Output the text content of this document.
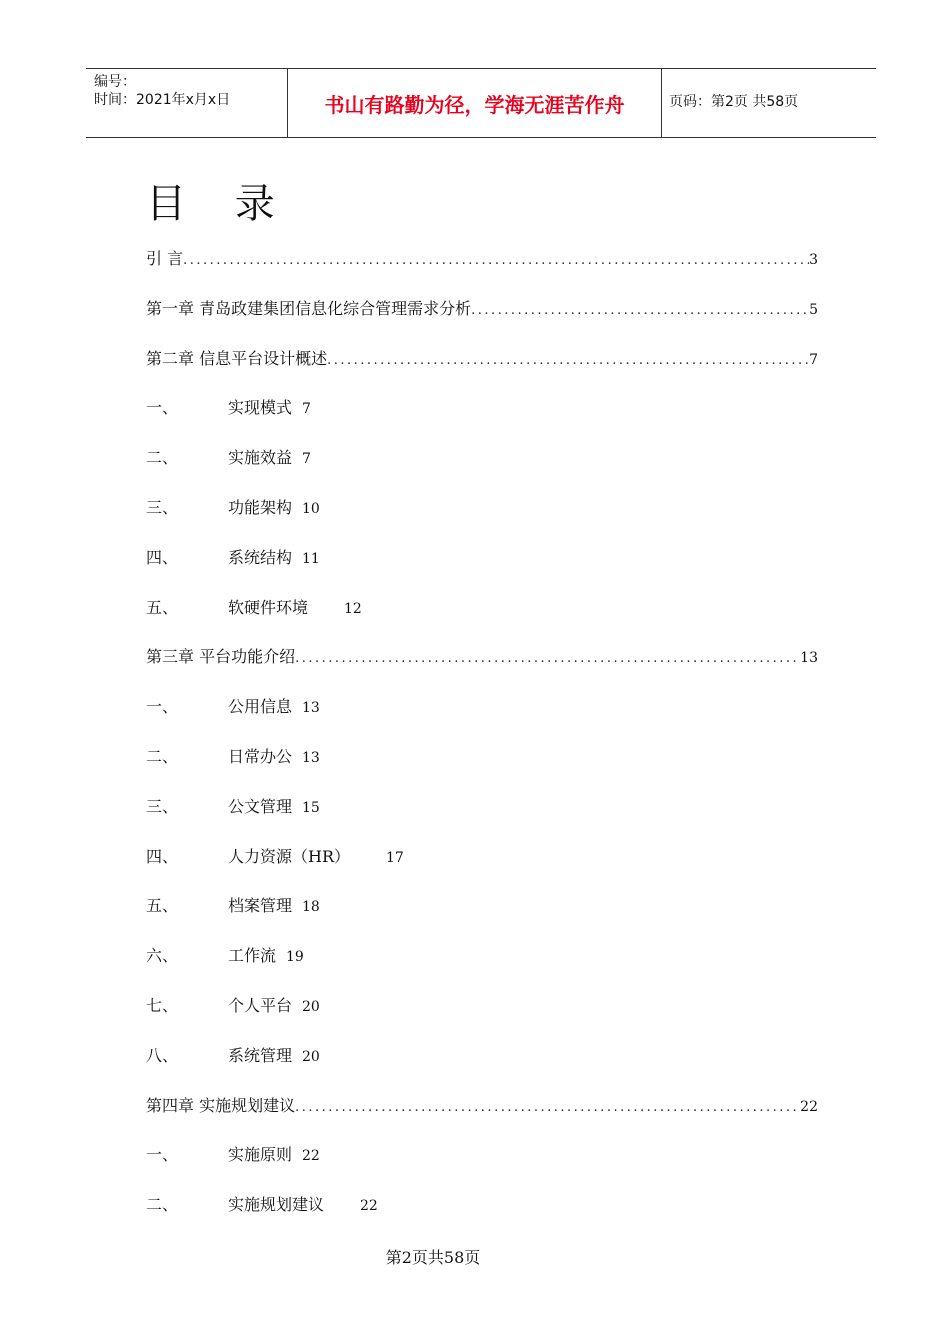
编号：
时间：2021年x月x日	书山有路勤为径，学海无涯苦作舟	页码：第2页 共58页
目 录
引 言 .....	3
第一章 青岛政建集团信息化综合管理需求分析 .....	5
第二章 信息平台设计概述 .....	7
一、	实现模式 7
二、	实施效益 7
三、	功能架构 10
四、	系统结构 11
五、	软硬件环境	12
第三章 平台功能介绍 .....	13
一、	公用信息 13
二、	日常办公 13
三、	公文管理 15
四、	人力资源（HR）	17
五、	档案管理 18
六、	工作流 19
七、	个人平台 20
八、	系统管理 20
第四章 实施规划建议 .....	22
一、	实施原则 22
二、	实施规划建议	22
第2页共58页
